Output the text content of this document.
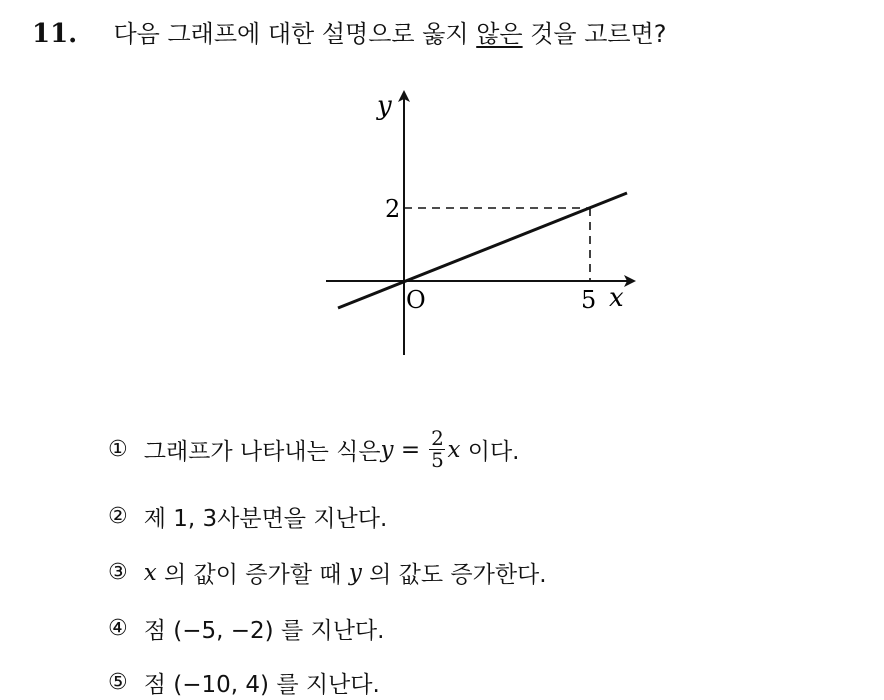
11. 다음 그래프에 대한 설명으로 옳지 않은 것을 고르면?
y
x
O
2
5
① 그래프가 나타내는 식은 $y = \frac{2}{5}$ x 이다.
② 제 1, 3사분면을 지난다.
③ x 의 값이 증가할 때 y 의 값도 증가한다.
④ 점 (−5, −2) 를 지난다.
⑤ 점 (−10, 4) 를 지난다.
